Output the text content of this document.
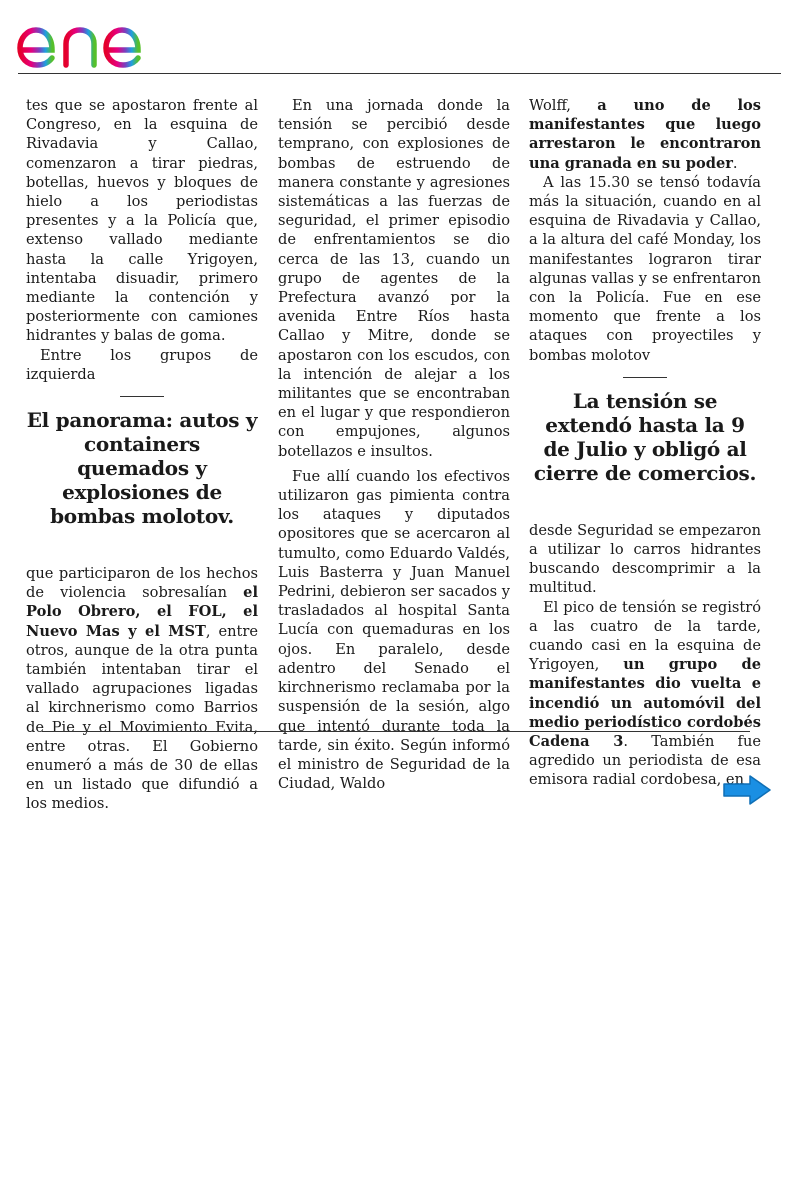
enel

tes que se apostaron frente al Congreso, en la esquina de Rivadavia y Callao, comenzaron a tirar piedras, botellas, huevos y bloques de hielo a los periodistas presentes y a la Policía que, extenso vallado mediante hasta la calle Yrigoyen, intentaba disuadir, primero mediante la contención y posteriormente con camiones hidrantes y balas de goma.

Entre los grupos de izquierda

El panorama: autos y containers quemados y explosiones de bombas molotov.

que participaron de los hechos de violencia sobresalían el Polo Obrero, el FOL, el Nuevo Mas y el MST, entre otros, aunque de la otra punta también intentaban tirar el vallado agrupaciones ligadas al kirchnerismo como Barrios de Pie y el Movimiento Evita, entre otras. El Gobierno enumeró a más de 30 de ellas en un listado que difundió a los medios.

En una jornada donde la tensión se percibió desde temprano, con explosiones de bombas de estruendo de manera constante y agresiones sistemáticas a las fuerzas de seguridad, el primer episodio de enfrentamientos se dio cerca de las 13, cuando un grupo de agentes de la Prefectura avanzó por la avenida Entre Ríos hasta Callao y Mitre, donde se apostaron con los escudos, con la intención de alejar a los militantes que se encontraban en el lugar y que respondieron con empujones, algunos botellazos e insultos.

Fue allí cuando los efectivos utilizaron gas pimienta contra los ataques y diputados opositores que se acercaron al tumulto, como Eduardo Valdés, Luis Basterra y Juan Manuel Pedrini, debieron ser sacados y trasladados al hospital Santa Lucía con quemaduras en los ojos. En paralelo, desde adentro del Senado el kirchnerismo reclamaba por la suspensión de la sesión, algo que intentó durante toda la tarde, sin éxito. Según informó el ministro de Seguridad de la Ciudad, Waldo

Wolff, a uno de los manifestantes que luego arrestaron le encontraron una granada en su poder.

A las 15.30 se tensó todavía más la situación, cuando en al esquina de Rivadavia y Callao, a la altura del café Monday, los manifestantes lograron tirar algunas vallas y se enfrentaron con la Policía. Fue en ese momento que frente a los ataques con proyectiles y bombas molotov

La tensión se extendó hasta la 9 de Julio y obligó al cierre de comercios.

desde Seguridad se empezaron a utilizar lo carros hidrantes buscando descomprimir a la multitud.

El pico de tensión se registró a las cuatro de la tarde, cuando casi en la esquina de Yrigoyen, un grupo de manifestantes dio vuelta e incendió un automóvil del medio periodístico cordobés Cadena 3. También fue agredido un periodista de esa emisora radial cordobesa, en
